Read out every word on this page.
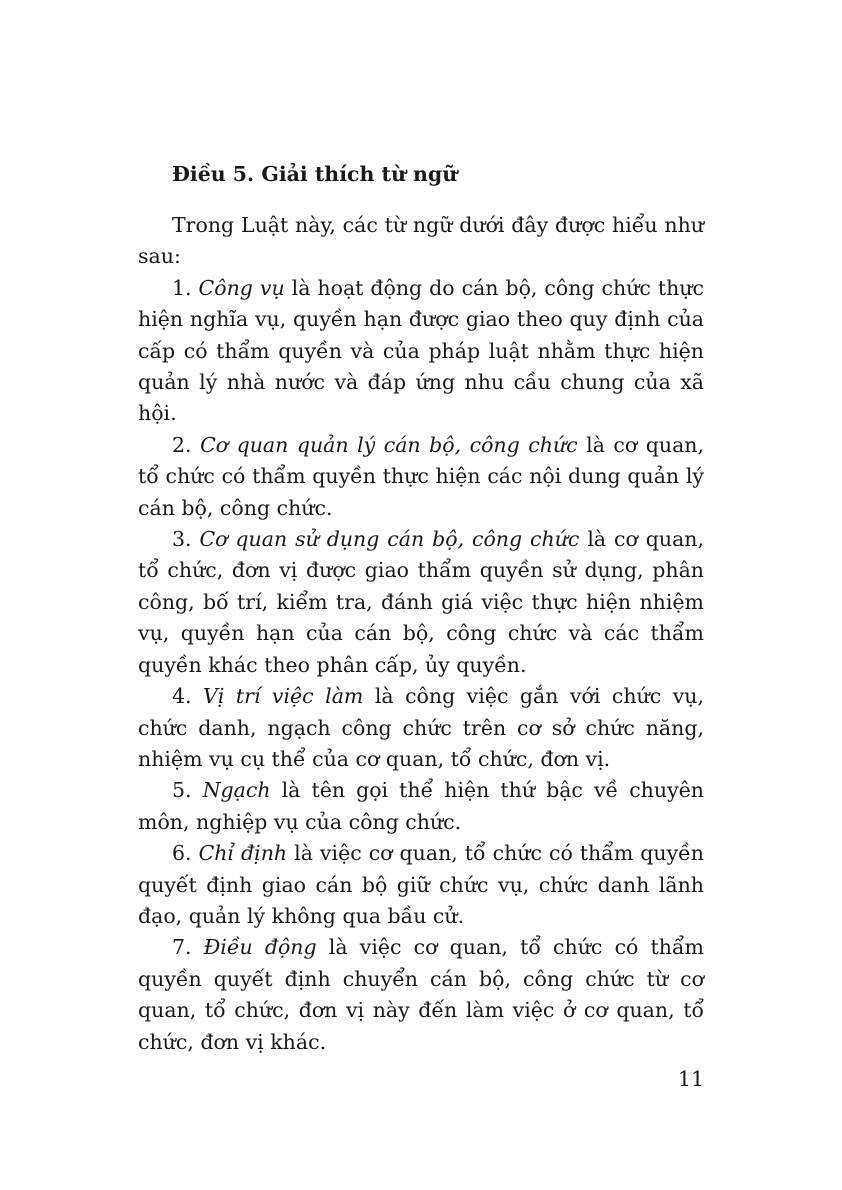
Điều 5. Giải thích từ ngữ

Trong Luật này, các từ ngữ dưới đây được hiểu như sau:

1. Công vụ là hoạt động do cán bộ, công chức thực hiện nghĩa vụ, quyền hạn được giao theo quy định của cấp có thẩm quyền và của pháp luật nhằm thực hiện quản lý nhà nước và đáp ứng nhu cầu chung của xã hội.

2. Cơ quan quản lý cán bộ, công chức là cơ quan, tổ chức có thẩm quyền thực hiện các nội dung quản lý cán bộ, công chức.

3. Cơ quan sử dụng cán bộ, công chức là cơ quan, tổ chức, đơn vị được giao thẩm quyền sử dụng, phân công, bố trí, kiểm tra, đánh giá việc thực hiện nhiệm vụ, quyền hạn của cán bộ, công chức và các thẩm quyền khác theo phân cấp, ủy quyền.

4. Vị trí việc làm là công việc gắn với chức vụ, chức danh, ngạch công chức trên cơ sở chức năng, nhiệm vụ cụ thể của cơ quan, tổ chức, đơn vị.

5. Ngạch là tên gọi thể hiện thứ bậc về chuyên môn, nghiệp vụ của công chức.

6. Chỉ định là việc cơ quan, tổ chức có thẩm quyền quyết định giao cán bộ giữ chức vụ, chức danh lãnh đạo, quản lý không qua bầu cử.

7. Điều động là việc cơ quan, tổ chức có thẩm quyền quyết định chuyển cán bộ, công chức từ cơ quan, tổ chức, đơn vị này đến làm việc ở cơ quan, tổ chức, đơn vị khác.

11
